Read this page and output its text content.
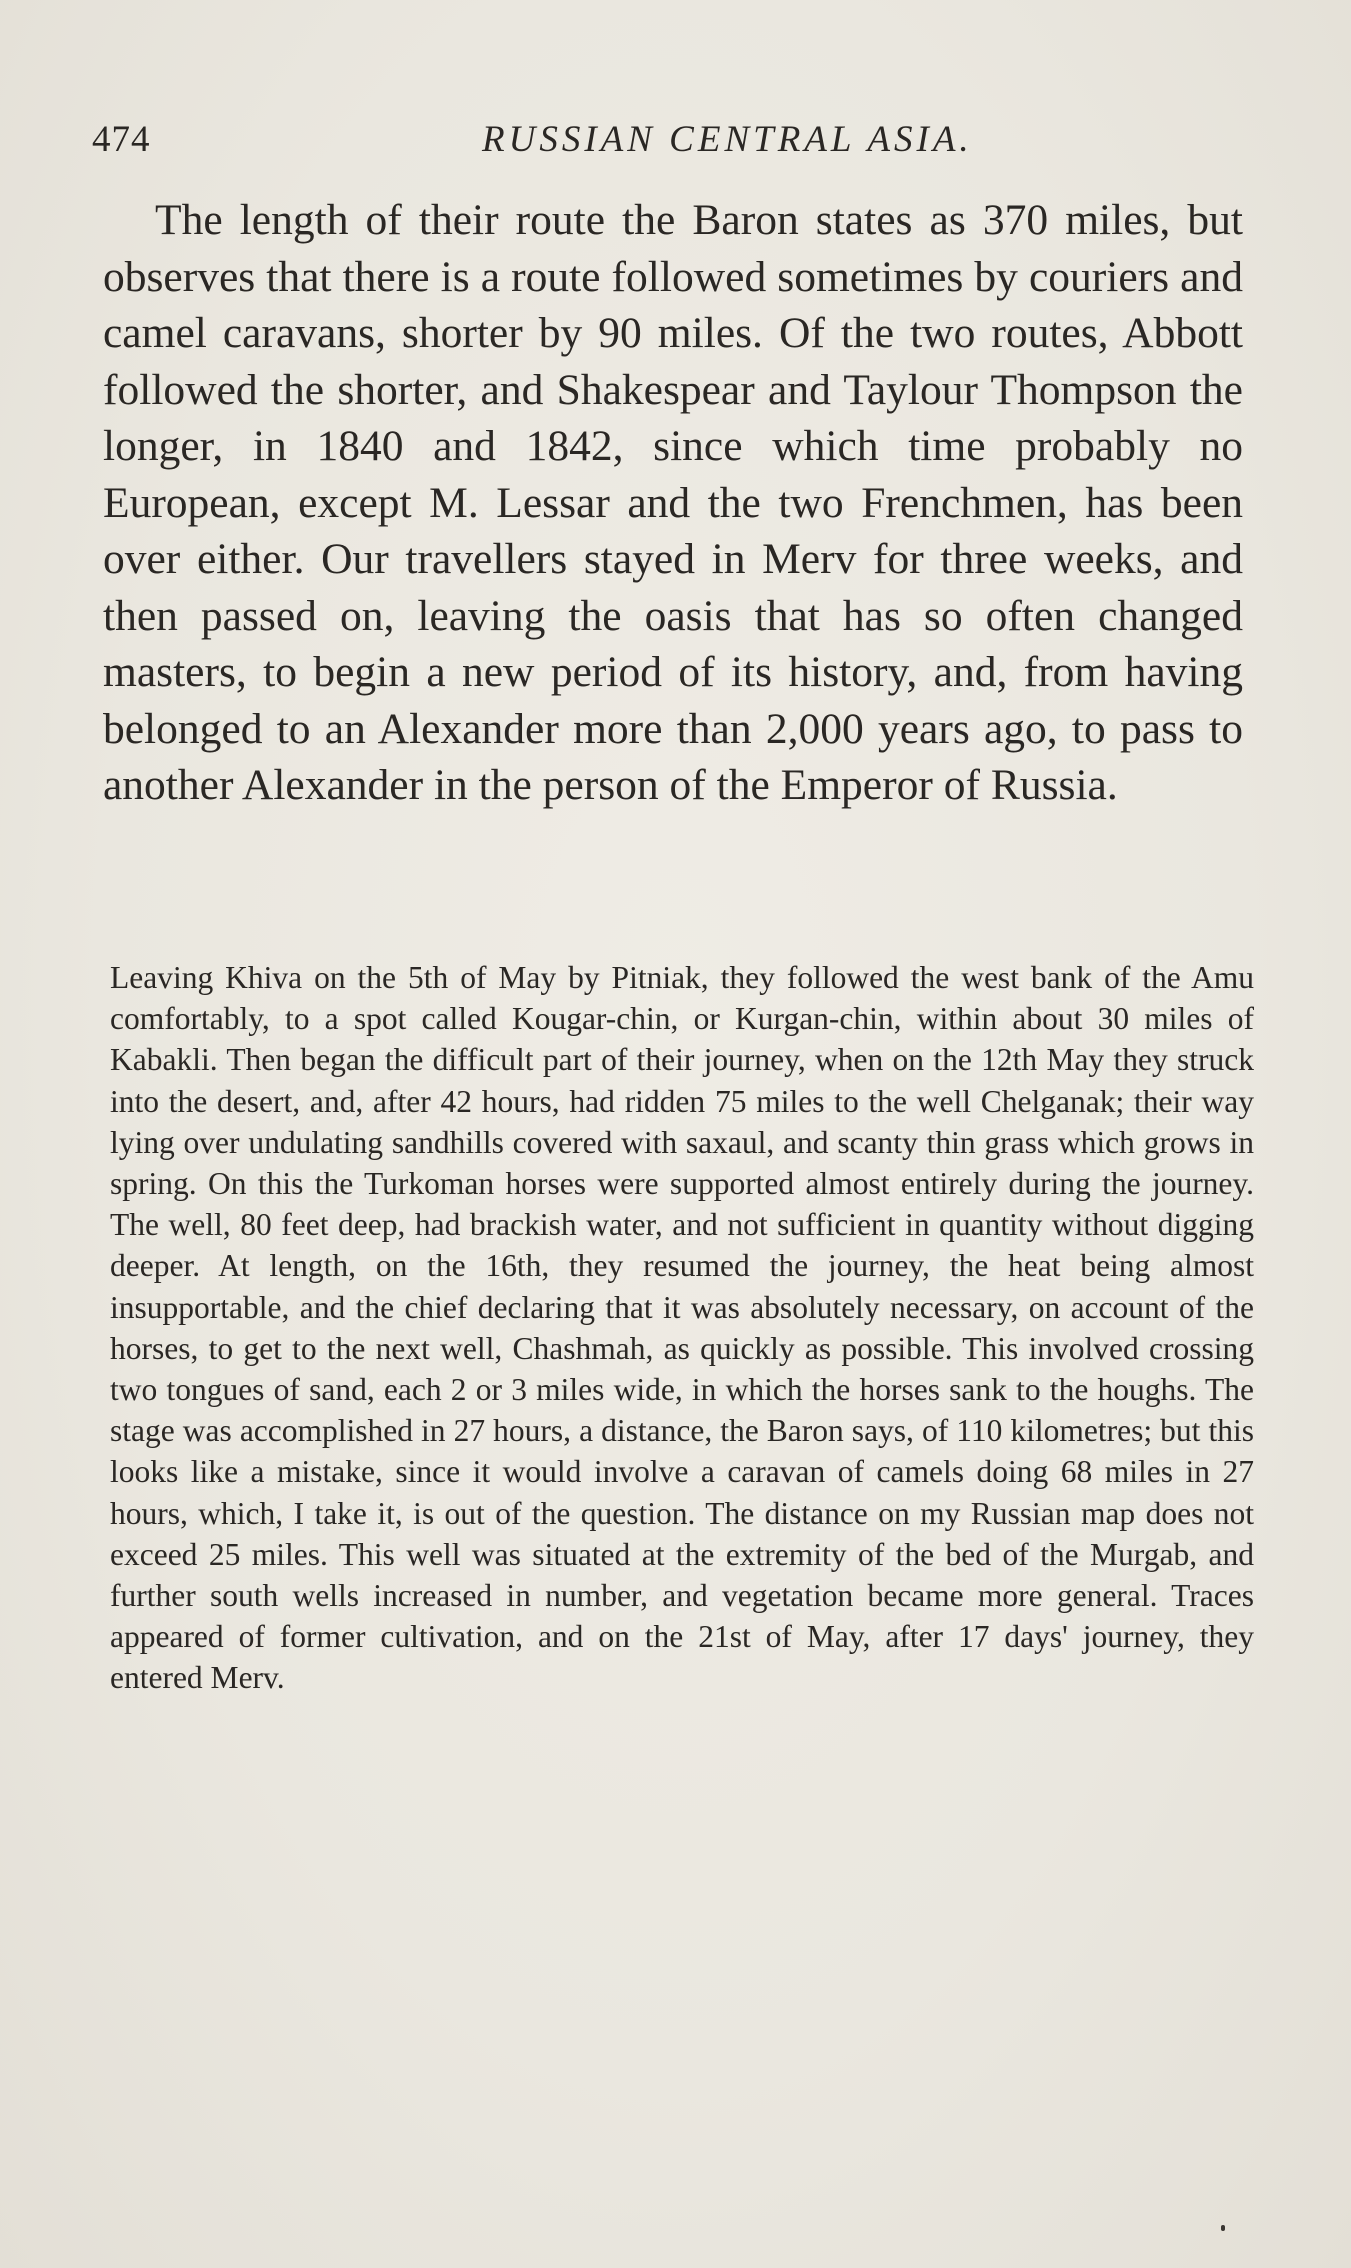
474	RUSSIAN CENTRAL ASIA.

The length of their route the Baron states as 370 miles, but observes that there is a route followed sometimes by couriers and camel caravans, shorter by 90 miles. Of the two routes, Abbott followed the shorter, and Shakespear and Taylour Thompson the longer, in 1840 and 1842, since which time probably no European, except M. Lessar and the two Frenchmen, has been over either. Our travellers stayed in Merv for three weeks, and then passed on, leaving the oasis that has so often changed masters, to begin a new period of its history, and, from having belonged to an Alexander more than 2,000 years ago, to pass to another Alexander in the person of the Emperor of Russia.

Leaving Khiva on the 5th of May by Pitniak, they followed the west bank of the Amu comfortably, to a spot called Kougar-chin, or Kurgan-chin, within about 30 miles of Kabakli. Then began the difficult part of their journey, when on the 12th May they struck into the desert, and, after 42 hours, had ridden 75 miles to the well Chelganak; their way lying over undulating sandhills covered with saxaul, and scanty thin grass which grows in spring. On this the Turkoman horses were supported almost entirely during the journey. The well, 80 feet deep, had brackish water, and not sufficient in quantity without digging deeper. At length, on the 16th, they resumed the journey, the heat being almost insupportable, and the chief declaring that it was absolutely necessary, on account of the horses, to get to the next well, Chashmah, as quickly as possible. This involved crossing two tongues of sand, each 2 or 3 miles wide, in which the horses sank to the houghs. The stage was accomplished in 27 hours, a distance, the Baron says, of 110 kilometres; but this looks like a mistake, since it would involve a caravan of camels doing 68 miles in 27 hours, which, I take it, is out of the question. The distance on my Russian map does not exceed 25 miles. This well was situated at the extremity of the bed of the Murgab, and further south wells increased in number, and vegetation became more general. Traces appeared of former cultivation, and on the 21st of May, after 17 days' journey, they entered Merv.
